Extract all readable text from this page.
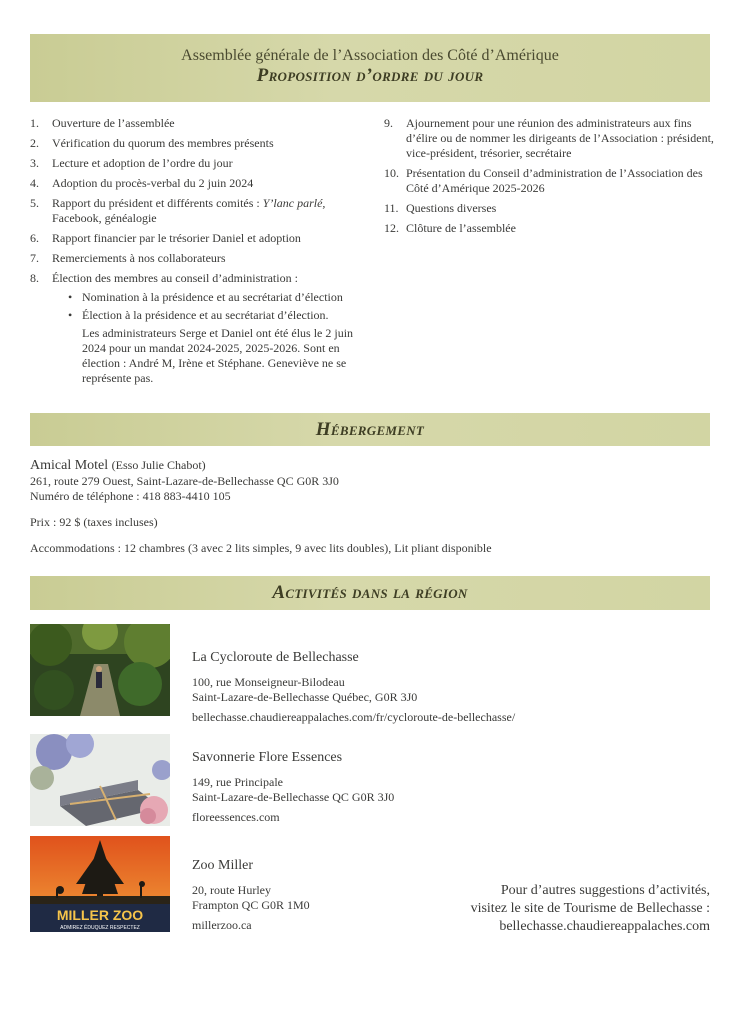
Assemblée générale de l’Association des Côté d’Amérique
Proposition d’ordre du jour
1. Ouverture de l’assemblée
2. Vérification du quorum des membres présents
3. Lecture et adoption de l’ordre du jour
4. Adoption du procès-verbal du 2 juin 2024
5. Rapport du président et différents comités : Y’lanc parlé, Facebook, généalogie
6. Rapport financier par le trésorier Daniel et adoption
7. Remerciements à nos collaborateurs
8. Élection des membres au conseil d’administration :
• Nomination à la présidence et au secrétariat d’élection
• Élection à la présidence et au secrétariat d’élection.
Les administrateurs Serge et Daniel ont été élus le 2 juin 2024 pour un mandat 2024-2025, 2025-2026. Sont en élection : André M, Irène et Stéphane. Geneviève ne se représente pas.
9. Ajournement pour une réunion des administrateurs aux fins d’élire ou de nommer les dirigeants de l’Association : président, vice-président, trésorier, secrétaire
10. Présentation du Conseil d’administration de l’Association des Côté d’Amérique 2025-2026
11. Questions diverses
12. Clôture de l’assemblée
Hébergement
Amical Motel (Esso Julie Chabot)
261, route 279 Ouest, Saint-Lazare-de-Bellechasse QC G0R 3J0
Numéro de téléphone : 418 883-4410 105
Prix : 92 $ (taxes incluses)
Accommodations : 12 chambres (3 avec 2 lits simples, 9 avec lits doubles), Lit pliant disponible
Activités dans la région
La Cycloroute de Bellechasse
100, rue Monseigneur-Bilodeau
Saint-Lazare-de-Bellechasse Québec, G0R 3J0
bellechasse.chaudiereappalaches.com/fr/cycloroute-de-bellechasse/
Savonnerie Flore Essences
149, rue Principale
Saint-Lazare-de-Bellechasse QC G0R 3J0
floreessences.com
MILLER ZOO
ADMIREZ ÉDUQUEZ RESPECTEZ
Zoo Miller
20, route Hurley
Frampton QC G0R 1M0
millerzoo.ca
Pour d’autres suggestions d’activités,
visitez le site de Tourisme de Bellechasse :
bellechasse.chaudiereappalaches.com
